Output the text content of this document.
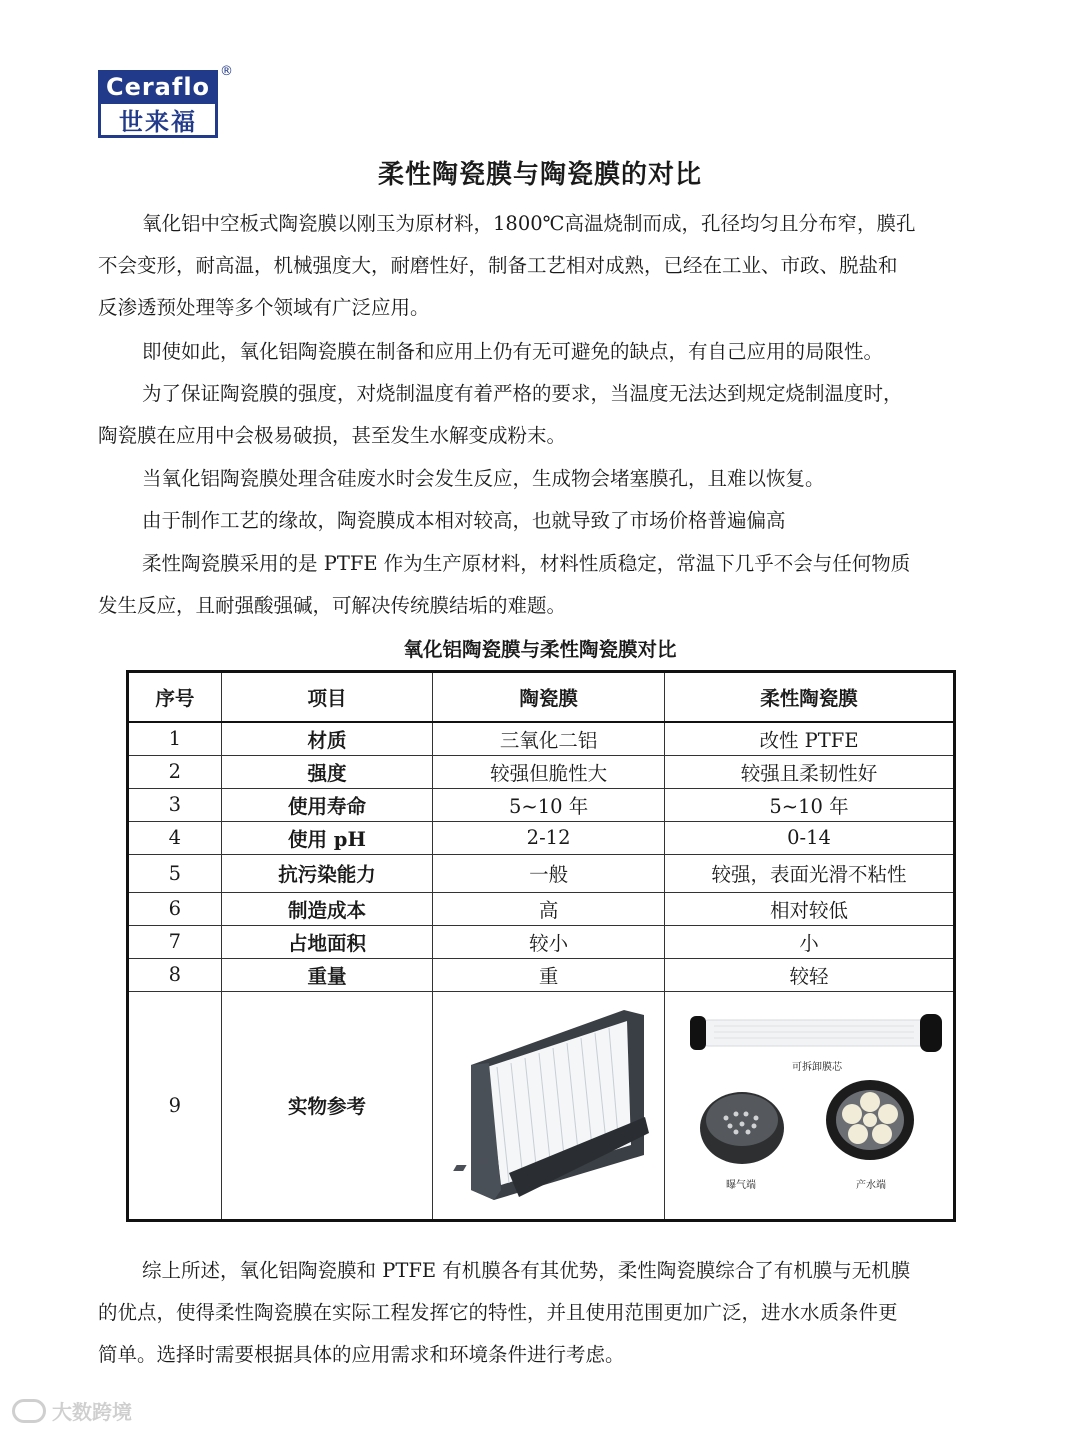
Ceraflo
世来福
®
柔性陶瓷膜与陶瓷膜的对比
氧化铝中空板式陶瓷膜以刚玉为原材料，1800℃高温烧制而成，孔径均匀且分布窄，膜孔
不会变形，耐高温，机械强度大，耐磨性好，制备工艺相对成熟，已经在工业、市政、脱盐和
反渗透预处理等多个领域有广泛应用。
即使如此，氧化铝陶瓷膜在制备和应用上仍有无可避免的缺点，有自己应用的局限性。
为了保证陶瓷膜的强度，对烧制温度有着严格的要求，当温度无法达到规定烧制温度时，
陶瓷膜在应用中会极易破损，甚至发生水解变成粉末。
当氧化铝陶瓷膜处理含硅废水时会发生反应，生成物会堵塞膜孔，且难以恢复。
由于制作工艺的缘故，陶瓷膜成本相对较高，也就导致了市场价格普遍偏高
柔性陶瓷膜采用的是 PTFE 作为生产原材料，材料性质稳定，常温下几乎不会与任何物质
发生反应，且耐强酸强碱，可解决传统膜结垢的难题。
氧化铝陶瓷膜与柔性陶瓷膜对比
序号	项目	陶瓷膜	柔性陶瓷膜
1	材质	三氧化二铝	改性 PTFE
2	强度	较强但脆性大	较强且柔韧性好
3	使用寿命	5~10 年	5~10 年
4	使用 pH	2-12	0-14
5	抗污染能力	一般	较强，表面光滑不粘性
6	制造成本	高	相对较低
7	占地面积	较小	小
8	重量	重	较轻
9	实物参考		可拆卸膜芯
曝气端 产水端
综上所述，氧化铝陶瓷膜和 PTFE 有机膜各有其优势，柔性陶瓷膜综合了有机膜与无机膜
的优点，使得柔性陶瓷膜在实际工程发挥它的特性，并且使用范围更加广泛，进水水质条件更
简单。选择时需要根据具体的应用需求和环境条件进行考虑。
大数跨境
